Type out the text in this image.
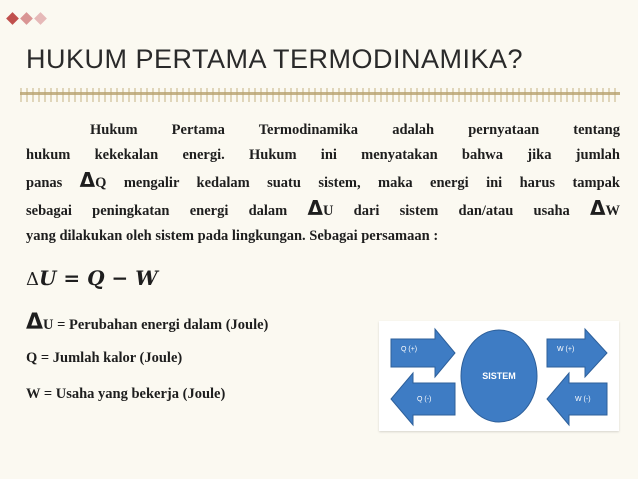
HUKUM PERTAMA TERMODINAMIKA?
Hukum Pertama Termodinamika adalah pernyataan tentang
hukum kekekalan energi. Hukum ini menyatakan bahwa jika jumlah
panas ΔQ mengalir kedalam suatu sistem, maka energi ini harus tampak
sebagai peningkatan energi dalam ΔU dari sistem dan/atau usaha ΔW
yang dilakukan oleh sistem pada lingkungan. Sebagai persamaan :
ΔU = Q − W
ΔU = Perubahan energi dalam (Joule)
Q = Jumlah kalor (Joule)
W = Usaha yang bekerja (Joule)
Q (+)
Q (-)
SISTEM
W (+)
W (-)
